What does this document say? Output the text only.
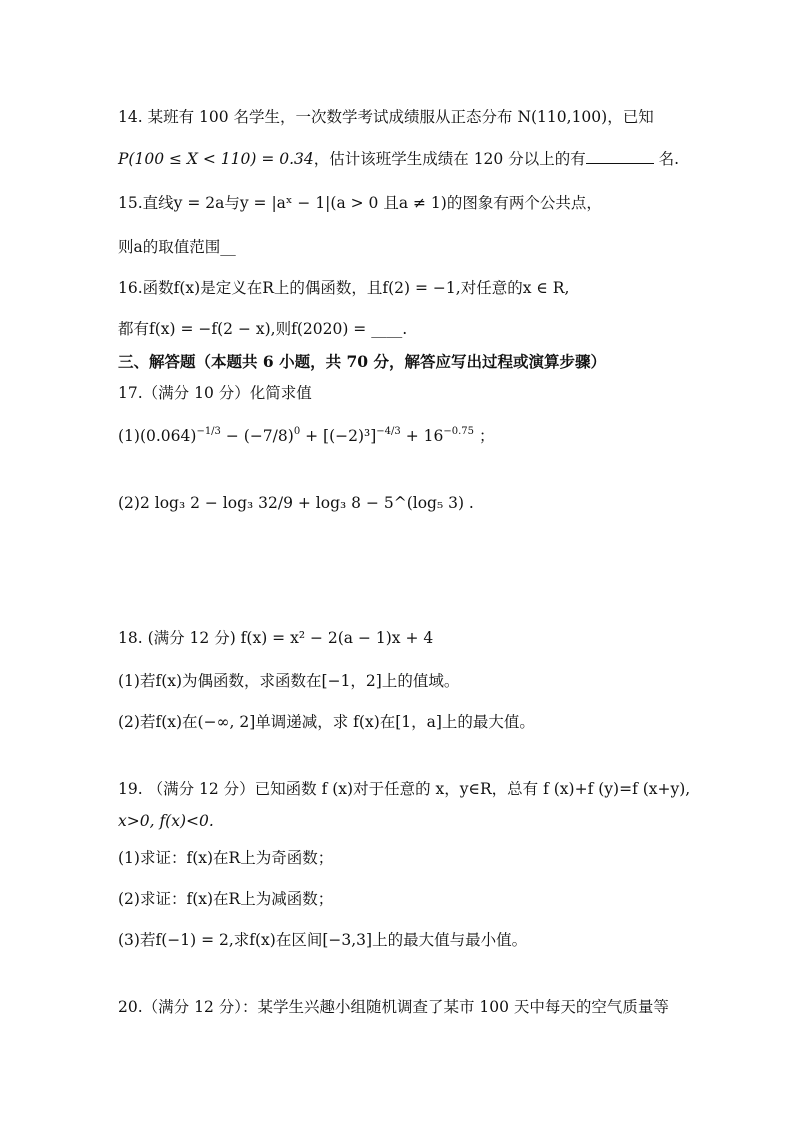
14. 某班有 100 名学生，一次数学考试成绩服从正态分布 N(110,100)，已知
P(100 ≤ X < 110) = 0.34，估计该班学生成绩在 120 分以上的有	名.
15.直线y = 2a与y = |aˣ − 1|(a > 0 且a ≠ 1)的图象有两个公共点，
则a的取值范围__
16.函数f(x)是定义在R上的偶函数，且f(2) = −1,对任意的x ∈ R,
都有f(x) = −f(2 − x),则f(2020) = ____.
三、解答题（本题共 6 小题，共 70 分，解答应写出过程或演算步骤）
17.（满分 10 分）化简求值
$(1)(0.064)^{-1/3} - (-7/8)^0 + [(-2)^3]^{-4/3} + 16^{-0.75}$ ；
(2)2 log₃ 2 − log₃ 32/9 + log₃ 8 − 5^(log₅ 3) .
18. (满分 12 分) f(x) = x² − 2(a − 1)x + 4
(1)若f(x)为偶函数，求函数在[−1，2]上的值域。
(2)若f(x)在(−∞, 2]单调递减，求 f(x)在[1，a]上的最大值。
19. （满分 12 分）已知函数 f (x)对于任意的 x，y∈R，总有 f (x)+f (y)=f (x+y),
x>0, f(x)<0.
(1)求证：f(x)在R上为奇函数；
(2)求证：f(x)在R上为减函数；
(3)若f(−1) = 2,求f(x)在区间[−3,3]上的最大值与最小值。
20.（满分 12 分）：某学生兴趣小组随机调查了某市 100 天中每天的空气质量等
